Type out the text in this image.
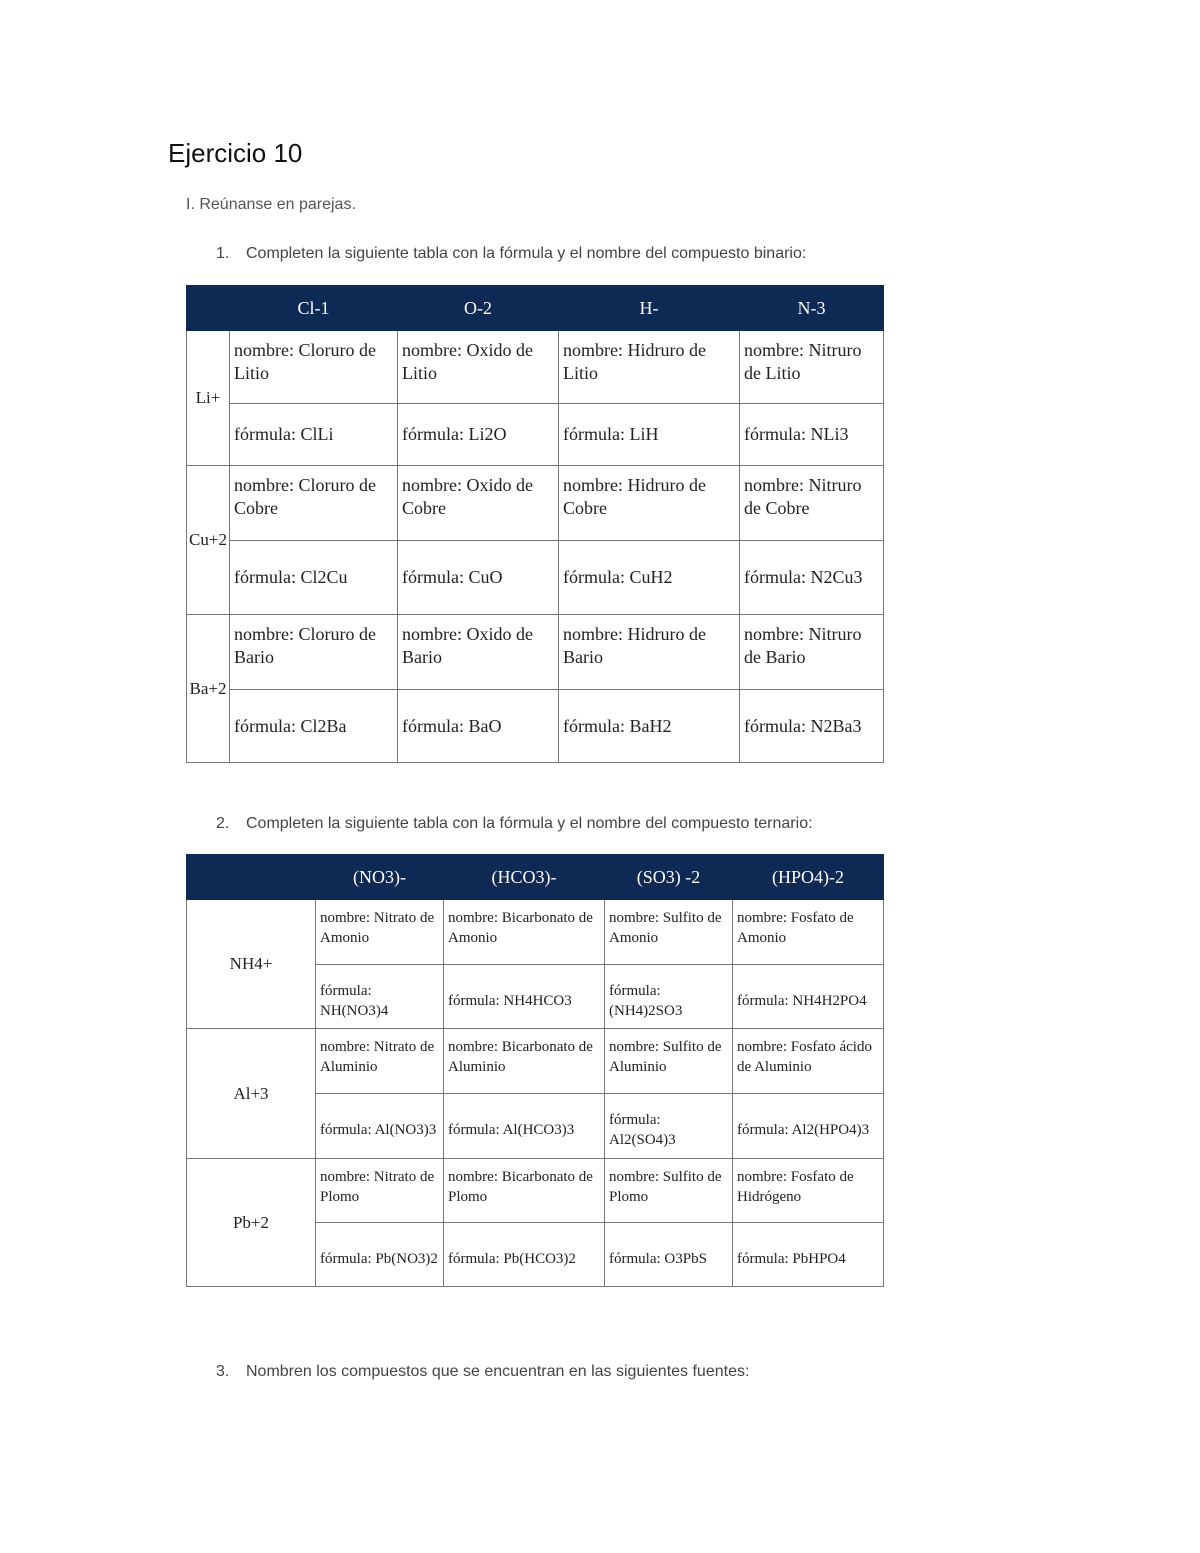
Ejercicio 10
I. Reúnanse en parejas.
1. Completen la siguiente tabla con la fórmula y el nombre del compuesto binario:
	Cl-1	O-2	H-	N-3
Li+	nombre: Cloruro de Litio	nombre: Oxido de Litio	nombre: Hidruro de Litio	nombre: Nitruro de Litio

	fórmula: ClLi	fórmula: Li2O	fórmula: LiH	fórmula: NLi3

Cu+2	nombre: Cloruro de Cobre	nombre: Oxido de Cobre	nombre: Hidruro de Cobre	nombre: Nitruro de Cobre

	fórmula: Cl2Cu	fórmula: CuO	fórmula: CuH2	fórmula: N2Cu3

Ba+2	nombre: Cloruro de Bario	nombre: Oxido de Bario	nombre: Hidruro de Bario	nombre: Nitruro de Bario

	fórmula: Cl2Ba	fórmula: BaO	fórmula: BaH2	fórmula: N2Ba3
2. Completen la siguiente tabla con la fórmula y el nombre del compuesto ternario:
	(NO3)-	(HCO3)-	(SO3) -2	(HPO4)-2
NH4+	nombre: Nitrato de Amonio	nombre: Bicarbonato de Amonio	nombre: Sulfito de Amonio	nombre: Fosfato de Amonio

	fórmula: NH(NO3)4	fórmula: NH4HCO3	fórmula: (NH4)2SO3	fórmula: NH4H2PO4

Al+3	nombre: Nitrato de Aluminio	nombre: Bicarbonato de Aluminio	nombre: Sulfito de Aluminio	nombre: Fosfato ácido de Aluminio

	fórmula: Al(NO3)3	fórmula: Al(HCO3)3	fórmula: Al2(SO4)3	fórmula: Al2(HPO4)3

Pb+2	nombre: Nitrato de Plomo	nombre: Bicarbonato de Plomo	nombre: Sulfito de Plomo	nombre: Fosfato de Hidrógeno

	fórmula: Pb(NO3)2	fórmula: Pb(HCO3)2	fórmula: O3PbS	fórmula: PbHPO4
3. Nombren los compuestos que se encuentran en las siguientes fuentes:
